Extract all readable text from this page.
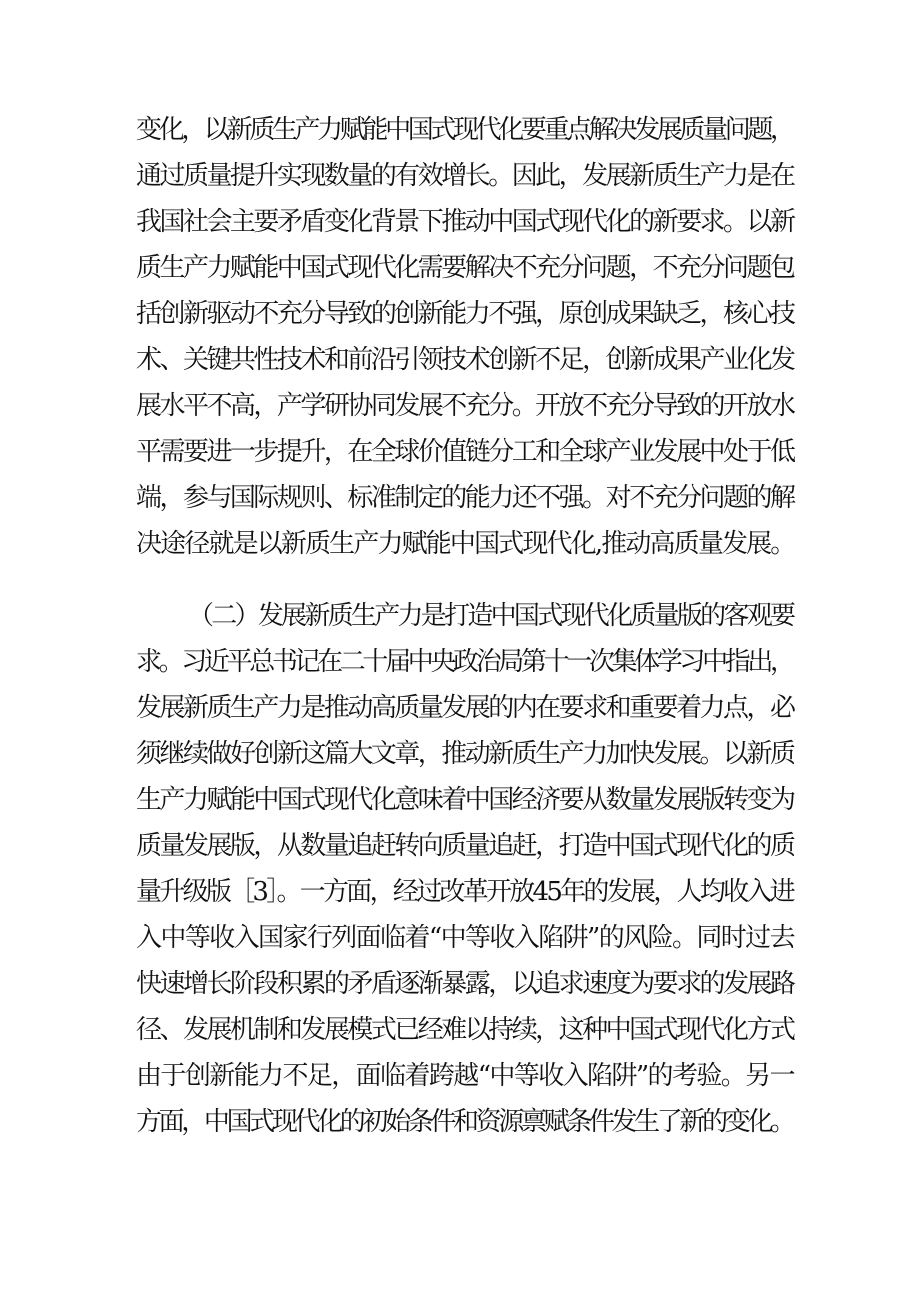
变化，以新质生产力赋能中国式现代化要重点解决发展质量问题，
通过质量提升实现数量的有效增长。因此，发展新质生产力是在
我国社会主要矛盾变化背景下推动中国式现代化的新要求。以新
质生产力赋能中国式现代化需要解决不充分问题，不充分问题包
括创新驱动不充分导致的创新能力不强，原创成果缺乏，核心技
术、关键共性技术和前沿引领技术创新不足，创新成果产业化发
展水平不高，产学研协同发展不充分。开放不充分导致的开放水
平需要进一步提升，在全球价值链分工和全球产业发展中处于低
端，参与国际规则、标准制定的能力还不强。对不充分问题的解
决途径就是以新质生产力赋能中国式现代化,推动高质量发展。
（二）发展新质生产力是打造中国式现代化质量版的客观要
求。习近平总书记在二十届中央政治局第十一次集体学习中指出，
发展新质生产力是推动高质量发展的内在要求和重要着力点，必
须继续做好创新这篇大文章，推动新质生产力加快发展。以新质
生产力赋能中国式现代化意味着中国经济要从数量发展版转变为
质量发展版，从数量追赶转向质量追赶，打造中国式现代化的质
量升级版［3］。一方面，经过改革开放45年的发展，人均收入进
入中等收入国家行列面临着“中等收入陷阱”的风险。同时过去
快速增长阶段积累的矛盾逐渐暴露，以追求速度为要求的发展路
径、发展机制和发展模式已经难以持续，这种中国式现代化方式
由于创新能力不足，面临着跨越“中等收入陷阱”的考验。另一
方面，中国式现代化的初始条件和资源禀赋条件发生了新的变化。
